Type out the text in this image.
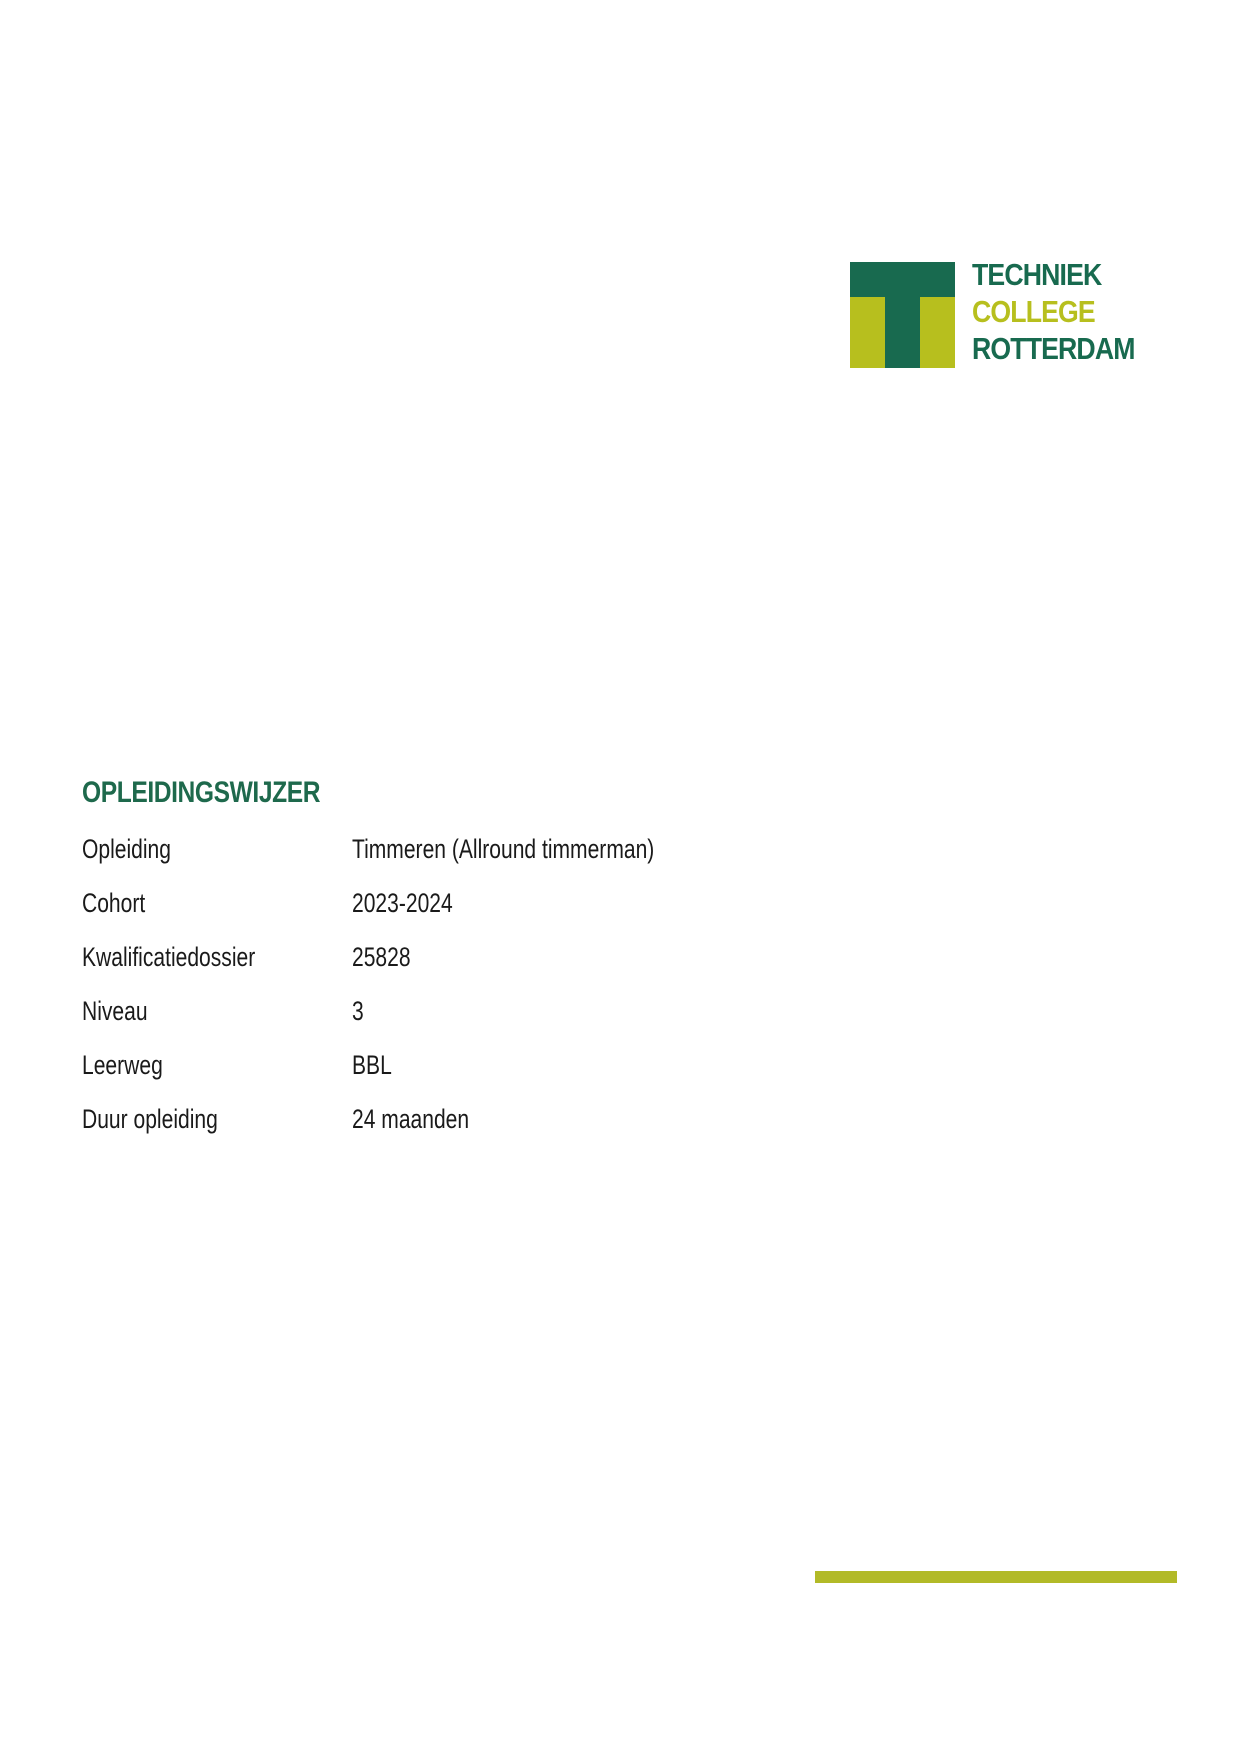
TECHNIEK
COLLEGE
ROTTERDAM
OPLEIDINGSWIJZER
Opleiding	Timmeren (Allround timmerman)
Cohort	2023-2024
Kwalificatiedossier	25828
Niveau	3
Leerweg	BBL
Duur opleiding	24 maanden
